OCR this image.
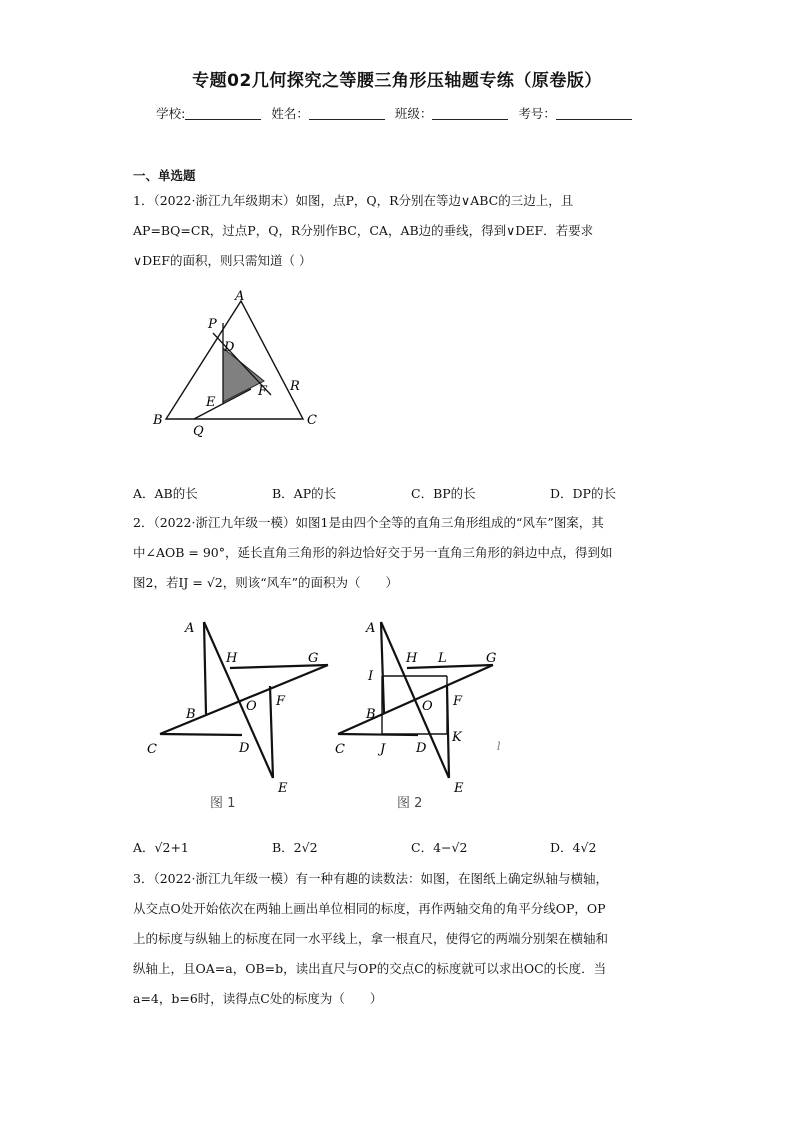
专题02几何探究之等腰三角形压轴题专练（原卷版）
学校:	姓名：	班级：	考号：
一、单选题
1．（2022·浙江九年级期末）如图，点P，Q，R分别在等边∨ABC的三边上，且
AP=BQ=CR，过点P，Q，R分别作BC，CA，AB边的垂线，得到∨DEF．若要求
∨DEF的面积，则只需知道（ ）
A
P
D
F R
E
B
Q
C
A．AB的长	B．AP的长	C．BP的长	D．DP的长
2．（2022·浙江九年级一模）如图1是由四个全等的直角三角形组成的“风车”图案，其
中∠AOB = 90°，延长直角三角形的斜边恰好交于另一直角三角形的斜边中点，得到如
图2，若IJ = √2，则该“风车”的面积为（　　）
A
H	G
F
O
B
C	D
E
图 1
A
H L	G
I
F
O
B
K
C	J D
E
l
图 2
A．√2+1	B．2√2	C．4−√2	D．4√2
3．（2022·浙江九年级一模）有一种有趣的读数法：如图，在图纸上确定纵轴与横轴，
从交点O处开始依次在两轴上画出单位相同的标度，再作两轴交角的角平分线OP，OP
上的标度与纵轴上的标度在同一水平线上，拿一根直尺，使得它的两端分别架在横轴和
纵轴上，且OA=a，OB=b，读出直尺与OP的交点C的标度就可以求出OC的长度．当
a=4，b=6时，读得点C处的标度为（　　）
